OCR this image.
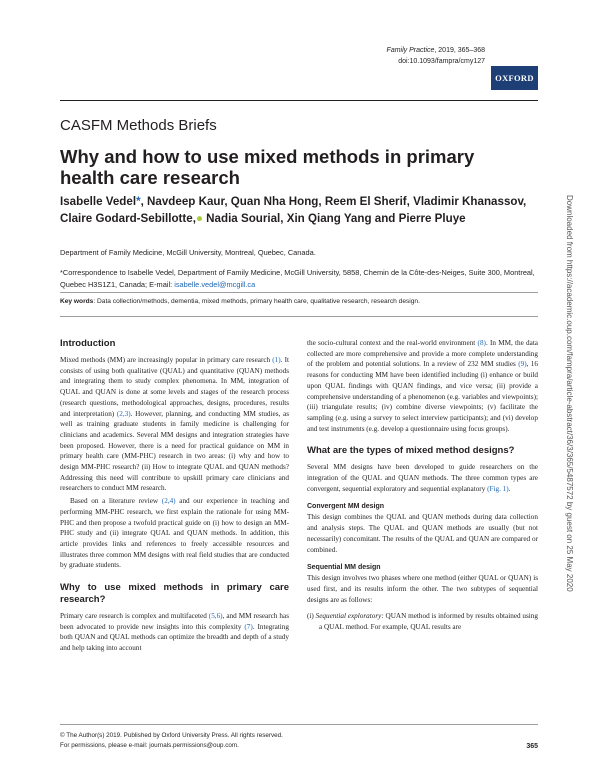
Family Practice, 2019, 365–368
doi:10.1093/fampra/cmy127
OXFORD
CASFM Methods Briefs
Why and how to use mixed methods in primary health care research
Isabelle Vedel*, Navdeep Kaur, Quan Nha Hong, Reem El Sherif, Vladimir Khanassov, Claire Godard-Sebillotte,● Nadia Sourial, Xin Qiang Yang and Pierre Pluye
Department of Family Medicine, McGill University, Montreal, Quebec, Canada.
*Correspondence to Isabelle Vedel, Department of Family Medicine, McGill University, 5858, Chemin de la Côte-des-Neiges, Suite 300, Montreal, Quebec H3S1Z1, Canada; E-mail: isabelle.vedel@mcgill.ca
Key words: Data collection/methods, dementia, mixed methods, primary health care, qualitative research, research design.
Introduction

Mixed methods (MM) are increasingly popular in primary care research (1). It consists of using both qualitative (QUAL) and quantitative (QUAN) methods and integrating them to study complex phenomena. In MM, integration of QUAL and QUAN is done at some levels and stages of the research process (research questions, methodological approaches, designs, procedures, results and interpretation) (2,3). However, planning, and conducting MM studies, as well as training graduate students in family medicine is challenging for clinicians and academics. Several MM designs and integration strategies have been proposed. However, there is a need for practical guidance on MM in primary health care (MM-PHC) research in two areas: (i) why and how to design MM-PHC research? (ii) How to integrate QUAL and QUAN methods? Addressing this need will contribute to upskill primary care clinicians and researchers to conduct MM research.

Based on a literature review (2,4) and our experience in teaching and performing MM-PHC research, we first explain the rationale for using MM-PHC and then propose a twofold practical guide on (i) how to design an MM-PHC study and (ii) integrate QUAL and QUAN methods. In addition, this article provides links and references to freely accessible resources and illustrates three common MM designs with real field studies that are conducted by graduate students.

Why to use mixed methods in primary care research?

Primary care research is complex and multifaceted (5,6), and MM research has been advocated to provide new insights into this complexity (7). Integrating both QUAN and QUAL methods can optimize the breadth and depth of a study and help taking into account

the socio-cultural context and the real-world environment (8). In MM, the data collected are more comprehensive and provide a more complete understanding of the problem and potential solutions. In a review of 232 MM studies (9), 16 reasons for conducting MM have been identified including (i) enhance or build upon QUAL findings with QUAN findings, and vice versa; (ii) provide a comprehensive understanding of a phenomenon (e.g. variables and viewpoints); (iii) triangulate results; (iv) combine diverse viewpoints; (v) facilitate the sampling (e.g. using a survey to select interview participants); and (vi) develop and test instruments (e.g. develop a questionnaire using focus groups).

What are the types of mixed method designs?

Several MM designs have been developed to guide researchers on the integration of the QUAL and QUAN methods. The three common types are convergent, sequential exploratory and sequential explanatory (Fig. 1).

Convergent MM design

This design combines the QUAL and QUAN methods during data collection and analysis steps. The QUAL and QUAN methods are usually (but not necessarily) concomitant. The results of the QUAL and QUAN are compared or combined.

Sequential MM design

This design involves two phases where one method (either QUAL or QUAN) is used first, and its results inform the other. The two subtypes of sequential designs are as follows:

(i) Sequential exploratory: QUAN method is informed by results obtained using a QUAL method. For example, QUAL results are

© The Author(s) 2019. Published by Oxford University Press. All rights reserved.
For permissions, please e-mail: journals.permissions@oup.com.	365
Downloaded from https://academic.oup.com/fampra/article-abstract/36/3/365/5487572 by guest on 25 May 2020
